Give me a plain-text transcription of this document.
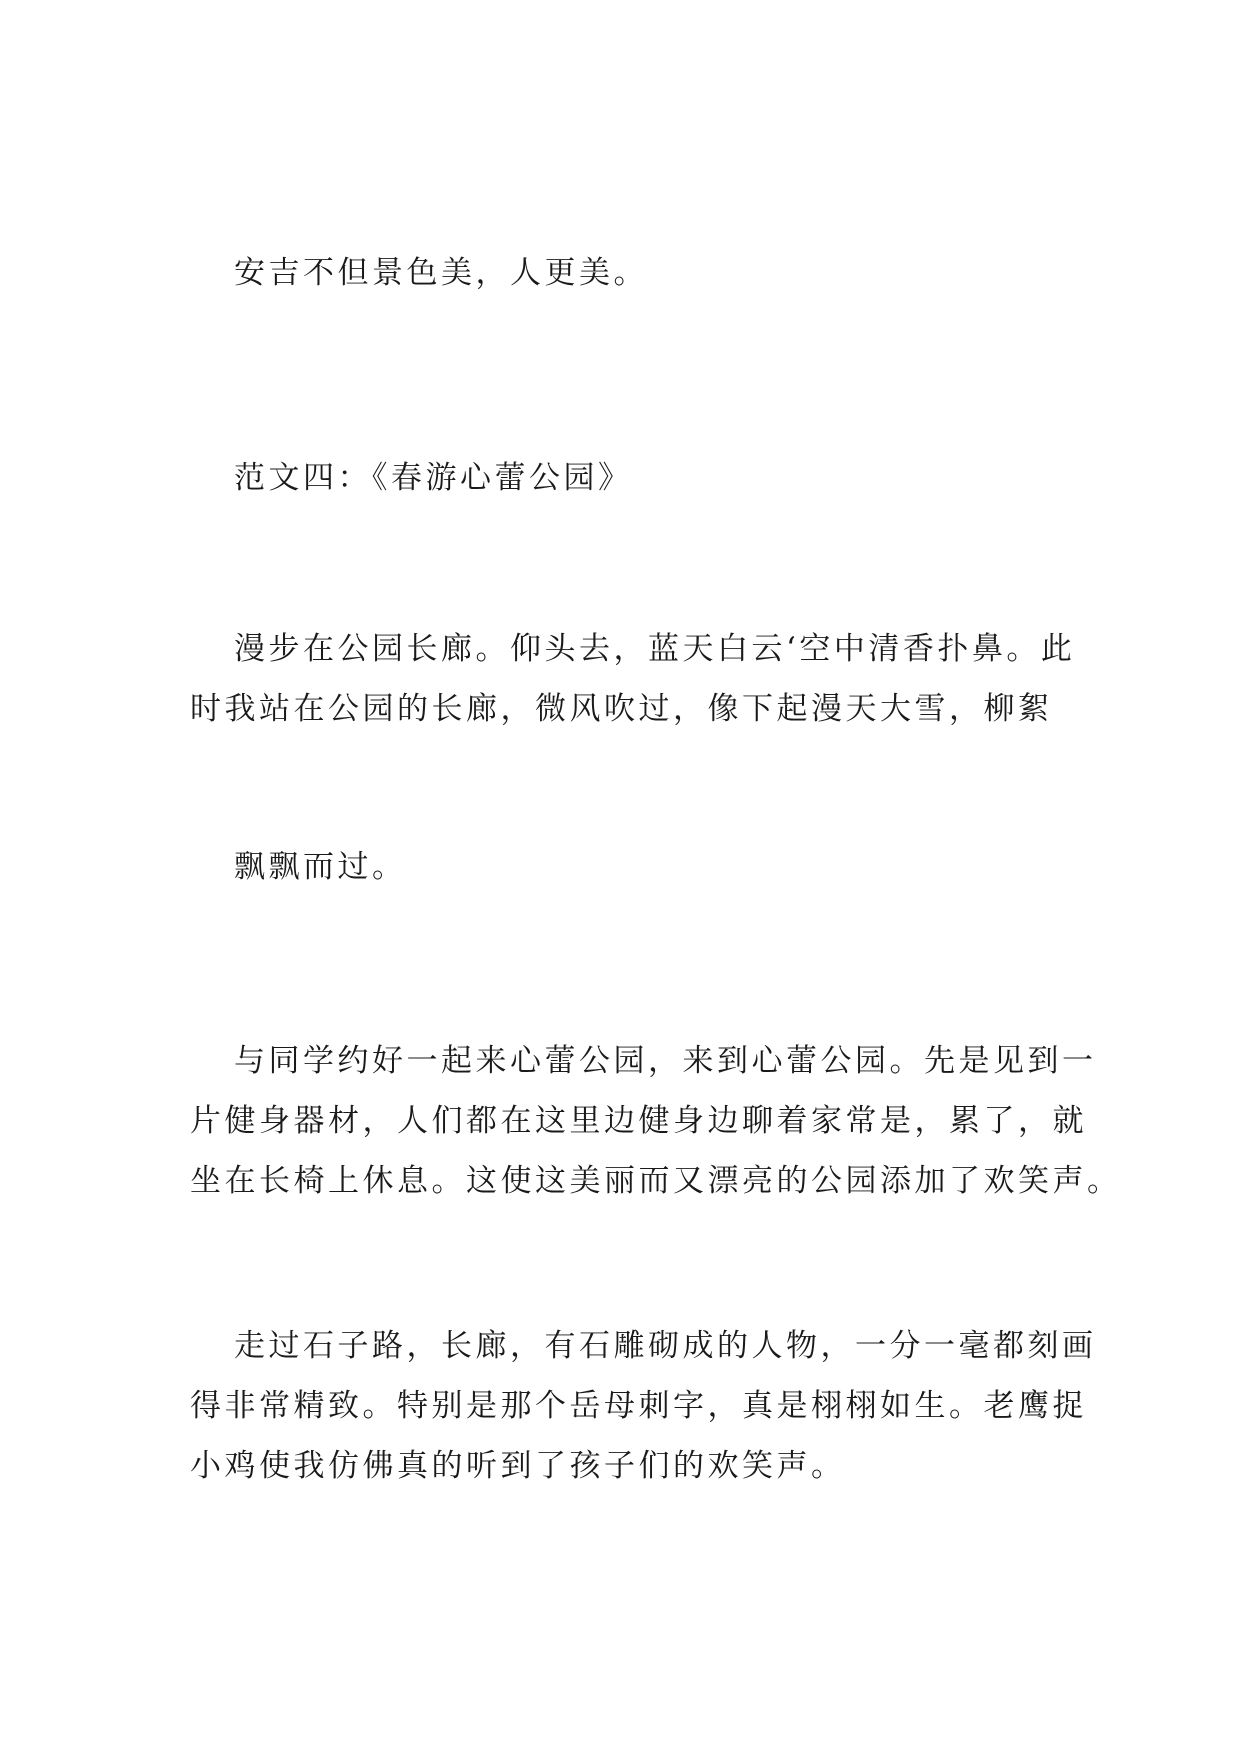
安吉不但景色美，人更美。

范文四：《春游心蕾公园》

漫步在公园长廊。仰头去，蓝天白云‘空中清香扑鼻。此

时我站在公园的长廊，微风吹过，像下起漫天大雪，柳絮

飘飘而过。

与同学约好一起来心蕾公园，来到心蕾公园。先是见到一

片健身器材，人们都在这里边健身边聊着家常是，累了，就

坐在长椅上休息。这使这美丽而又漂亮的公园添加了欢笑声。

走过石子路，长廊，有石雕砌成的人物，一分一毫都刻画

得非常精致。特别是那个岳母刺字，真是栩栩如生。老鹰捉

小鸡使我仿佛真的听到了孩子们的欢笑声。
